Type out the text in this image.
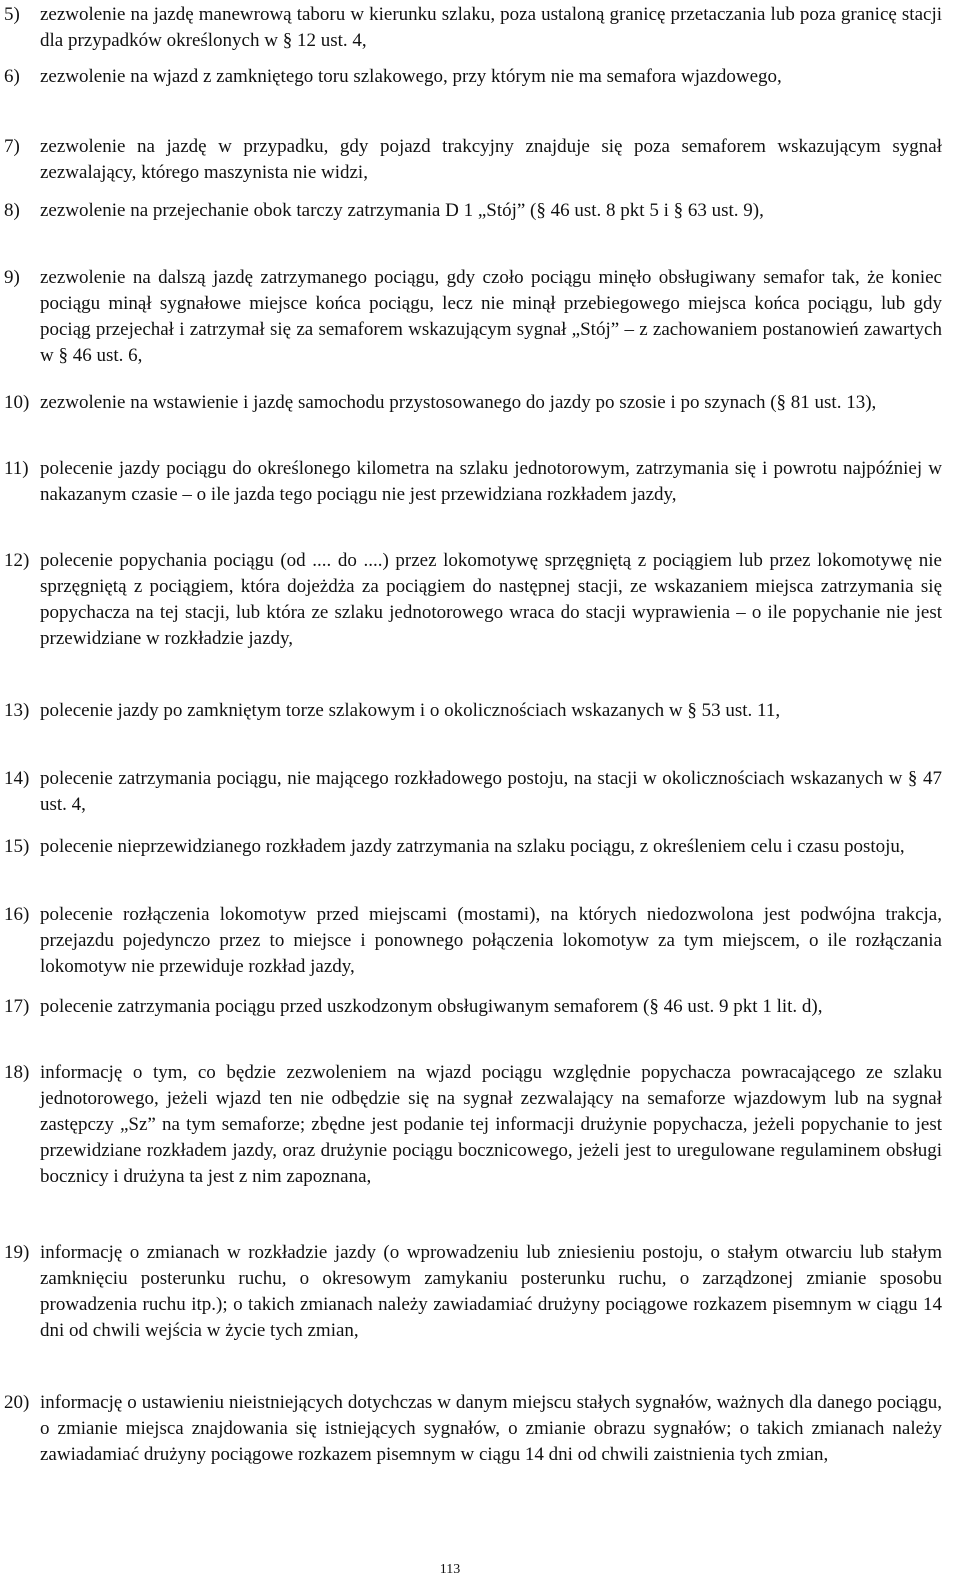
5) zezwolenie na jazdę manewrową taboru w kierunku szlaku, poza ustaloną granicę przetaczania lub poza granicę stacji dla przypadków określonych w § 12 ust. 4,
6) zezwolenie na wjazd z zamkniętego toru szlakowego, przy którym nie ma semafora wjazdowego,
7) zezwolenie na jazdę w przypadku, gdy pojazd trakcyjny znajduje się poza semaforem wskazującym sygnał zezwalający, którego maszynista nie widzi,
8) zezwolenie na przejechanie obok tarczy zatrzymania D 1 „Stój” (§ 46 ust. 8 pkt 5 i § 63 ust. 9),
9) zezwolenie na dalszą jazdę zatrzymanego pociągu, gdy czoło pociągu minęło obsługiwany semafor tak, że koniec pociągu minął sygnałowe miejsce końca pociągu, lecz nie minął przebiegowego miejsca końca pociągu, lub gdy pociąg przejechał i zatrzymał się za semaforem wskazującym sygnał „Stój” – z zachowaniem postanowień zawartych w § 46 ust. 6,
10) zezwolenie na wstawienie i jazdę samochodu przystosowanego do jazdy po szosie i po szynach (§ 81 ust. 13),
11) polecenie jazdy pociągu do określonego kilometra na szlaku jednotorowym, zatrzymania się i powrotu najpóźniej w nakazanym czasie – o ile jazda tego pociągu nie jest przewidziana rozkładem jazdy,
12) polecenie popychania pociągu (od .... do ....) przez lokomotywę sprzęgniętą z pociągiem lub przez lokomotywę nie sprzęgniętą z pociągiem, która dojeżdża za pociągiem do następnej stacji, ze wskazaniem miejsca zatrzymania się popychacza na tej stacji, lub która ze szlaku jednotorowego wraca do stacji wyprawienia – o ile popychanie nie jest przewidziane w rozkładzie jazdy,
13) polecenie jazdy po zamkniętym torze szlakowym i o okolicznościach wskazanych w § 53 ust. 11,
14) polecenie zatrzymania pociągu, nie mającego rozkładowego postoju, na stacji w okolicznościach wskazanych w § 47 ust. 4,
15) polecenie nieprzewidzianego rozkładem jazdy zatrzymania na szlaku pociągu, z określeniem celu i czasu postoju,
16) polecenie rozłączenia lokomotyw przed miejscami (mostami), na których niedozwolona jest podwójna trakcja, przejazdu pojedynczo przez to miejsce i ponownego połączenia lokomotyw za tym miejscem, o ile rozłączania lokomotyw nie przewiduje rozkład jazdy,
17) polecenie zatrzymania pociągu przed uszkodzonym obsługiwanym semaforem (§ 46 ust. 9 pkt 1 lit. d),
18) informację o tym, co będzie zezwoleniem na wjazd pociągu względnie popychacza powracającego ze szlaku jednotorowego, jeżeli wjazd ten nie odbędzie się na sygnał zezwalający na semaforze wjazdowym lub na sygnał zastępczy „Sz” na tym semaforze; zbędne jest podanie tej informacji drużynie popychacza, jeżeli popychanie to jest przewidziane rozkładem jazdy, oraz drużynie pociągu bocznicowego, jeżeli jest to uregulowane regulaminem obsługi bocznicy i drużyna ta jest z nim zapoznana,
19) informację o zmianach w rozkładzie jazdy (o wprowadzeniu lub zniesieniu postoju, o stałym otwarciu lub stałym zamknięciu posterunku ruchu, o okresowym zamykaniu posterunku ruchu, o zarządzonej zmianie sposobu prowadzenia ruchu itp.); o takich zmianach należy zawiadamiać drużyny pociągowe rozkazem pisemnym w ciągu 14 dni od chwili wejścia w życie tych zmian,
20) informację o ustawieniu nieistniejących dotychczas w danym miejscu stałych sygnałów, ważnych dla danego pociągu, o zmianie miejsca znajdowania się istniejących sygnałów, o zmianie obrazu sygnałów; o takich zmianach należy zawiadamiać drużyny pociągowe rozkazem pisemnym w ciągu 14 dni od chwili zaistnienia tych zmian,
113
